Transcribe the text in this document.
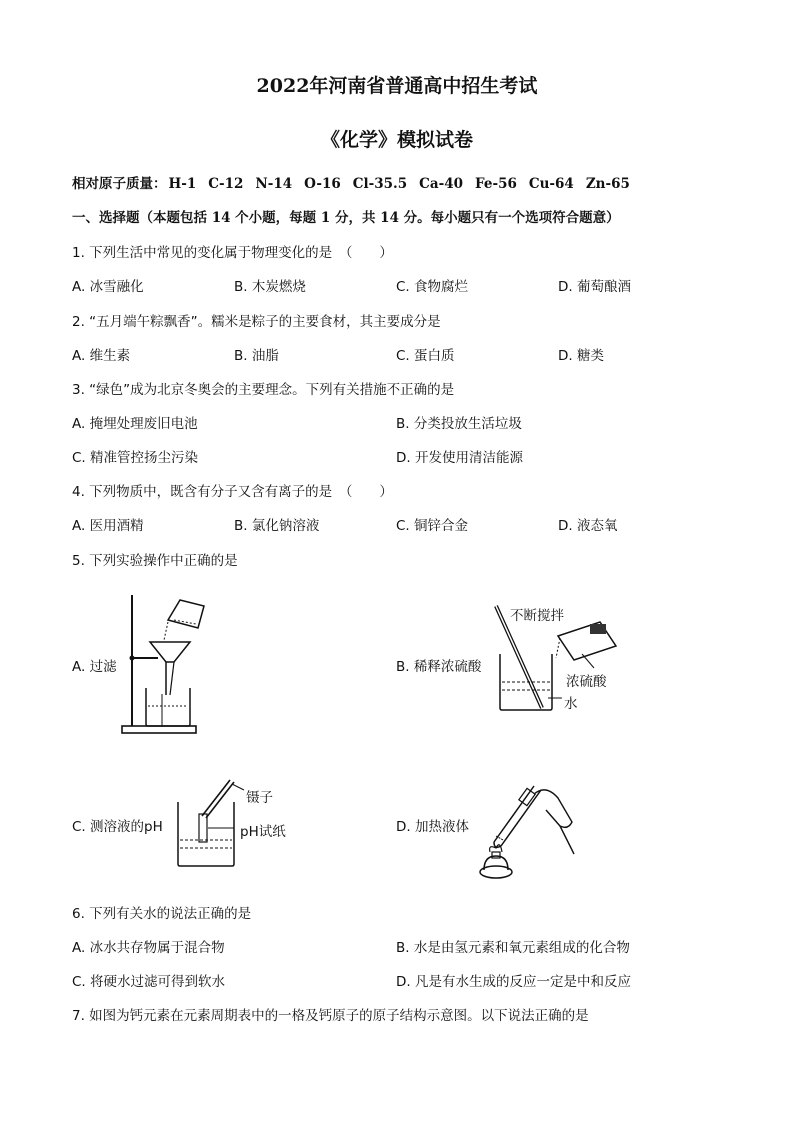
2022年河南省普通高中招生考试
《化学》模拟试卷
相对原子质量： H-1 C-12 N-14 O-16 Cl-35.5 Ca-40 Fe-56 Cu-64 Zn-65
一、选择题（本题包括 14 个小题，每题 1 分，共 14 分。每小题只有一个选项符合题意）
1. 下列生活中常见的变化属于物理变化的是　（　　）
A. 冰雪融化	B. 木炭燃烧	C. 食物腐烂	D. 葡萄酿酒
2. “五月端午粽飘香”。糯米是粽子的主要食材，其主要成分是
A. 维生素	B. 油脂	C. 蛋白质	D. 糖类
3. “绿色”成为北京冬奥会的主要理念。下列有关措施不正确的是
A. 掩埋处理废旧电池	B. 分类投放生活垃圾
C. 精准管控扬尘污染	D. 开发使用清洁能源
4. 下列物质中，既含有分子又含有离子的是　（　　）
A. 医用酒精	B. 氯化钠溶液	C. 铜锌合金	D. 液态氧
5. 下列实验操作中正确的是
A. 过滤	B. 稀释浓硫酸
C. 测溶液的pH	D. 加热液体
不断搅拌
浓硫酸
水
镊子
pH试纸
6. 下列有关水的说法正确的是
A. 冰水共存物属于混合物	B. 水是由氢元素和氧元素组成的化合物
C. 将硬水过滤可得到软水	D. 凡是有水生成的反应一定是中和反应
7. 如图为钙元素在元素周期表中的一格及钙原子的原子结构示意图。以下说法正确的是
